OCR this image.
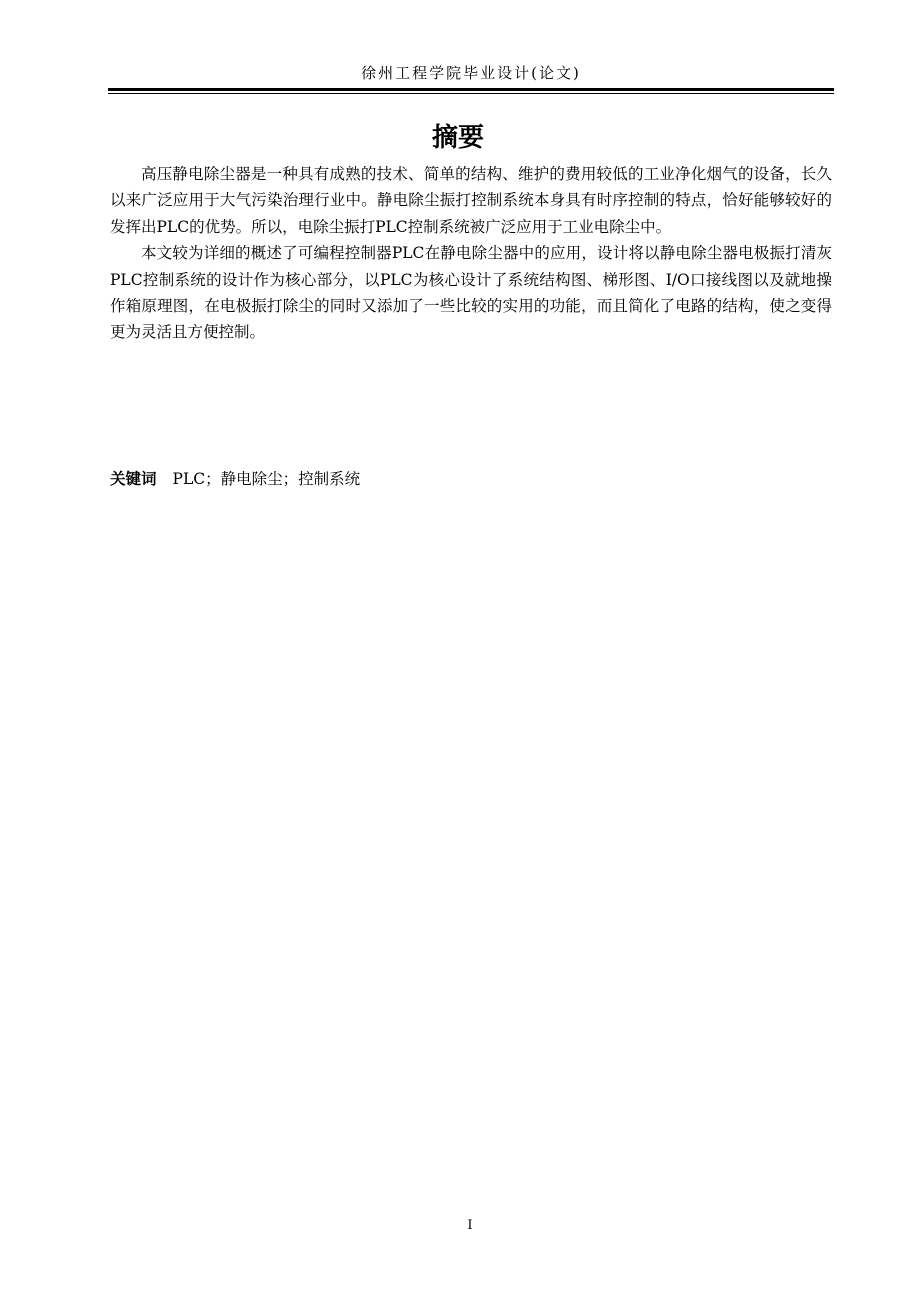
徐州工程学院毕业设计(论文)
摘要

高压静电除尘器是一种具有成熟的技术、简单的结构、维护的费用较低的工业净化烟气的设备，长久以来广泛应用于大气污染治理行业中。静电除尘振打控制系统本身具有时序控制的特点，恰好能够较好的发挥出PLC的优势。所以，电除尘振打PLC控制系统被广泛应用于工业电除尘中。

本文较为详细的概述了可编程控制器PLC在静电除尘器中的应用，设计将以静电除尘器电极振打清灰PLC控制系统的设计作为核心部分，以PLC为核心设计了系统结构图、梯形图、I/O口接线图以及就地操作箱原理图，在电极振打除尘的同时又添加了一些比较的实用的功能，而且简化了电路的结构，使之变得更为灵活且方便控制。

关键词 PLC；静电除尘；控制系统
I
